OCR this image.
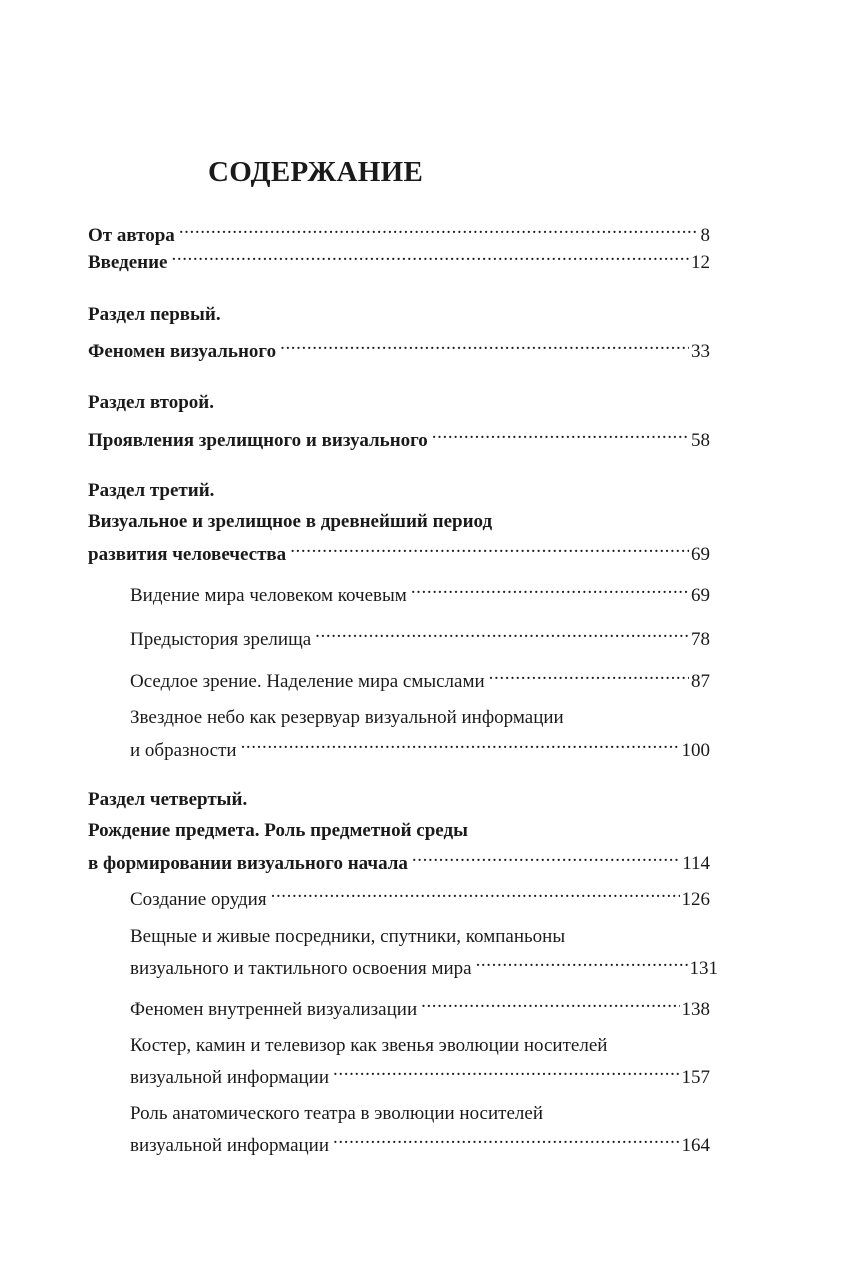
СОДЕРЖАНИЕ
От автора .....	8
Введение .....	12
Раздел первый.
Феномен визуального .....	33
Раздел второй.
Проявления зрелищного и визуального .....	58
Раздел третий.
Визуальное и зрелищное в древнейший период
развития человечества .....	69
Видение мира человеком кочевым .....	69
Предыстория зрелища .....	78
Оседлое зрение. Наделение мира смыслами .....	87
Звездное небо как резервуар визуальной информации
и образности .....	100
Раздел четвертый.
Рождение предмета. Роль предметной среды
в формировании визуального начала .....	114
Создание орудия .....	126
Вещные и живые посредники, спутники, компаньоны
визуального и тактильного освоения мира .....	131
Феномен внутренней визуализации .....	138
Костер, камин и телевизор как звенья эволюции носителей
визуальной информации .....	157
Роль анатомического театра в эволюции носителей
визуальной информации .....	164
